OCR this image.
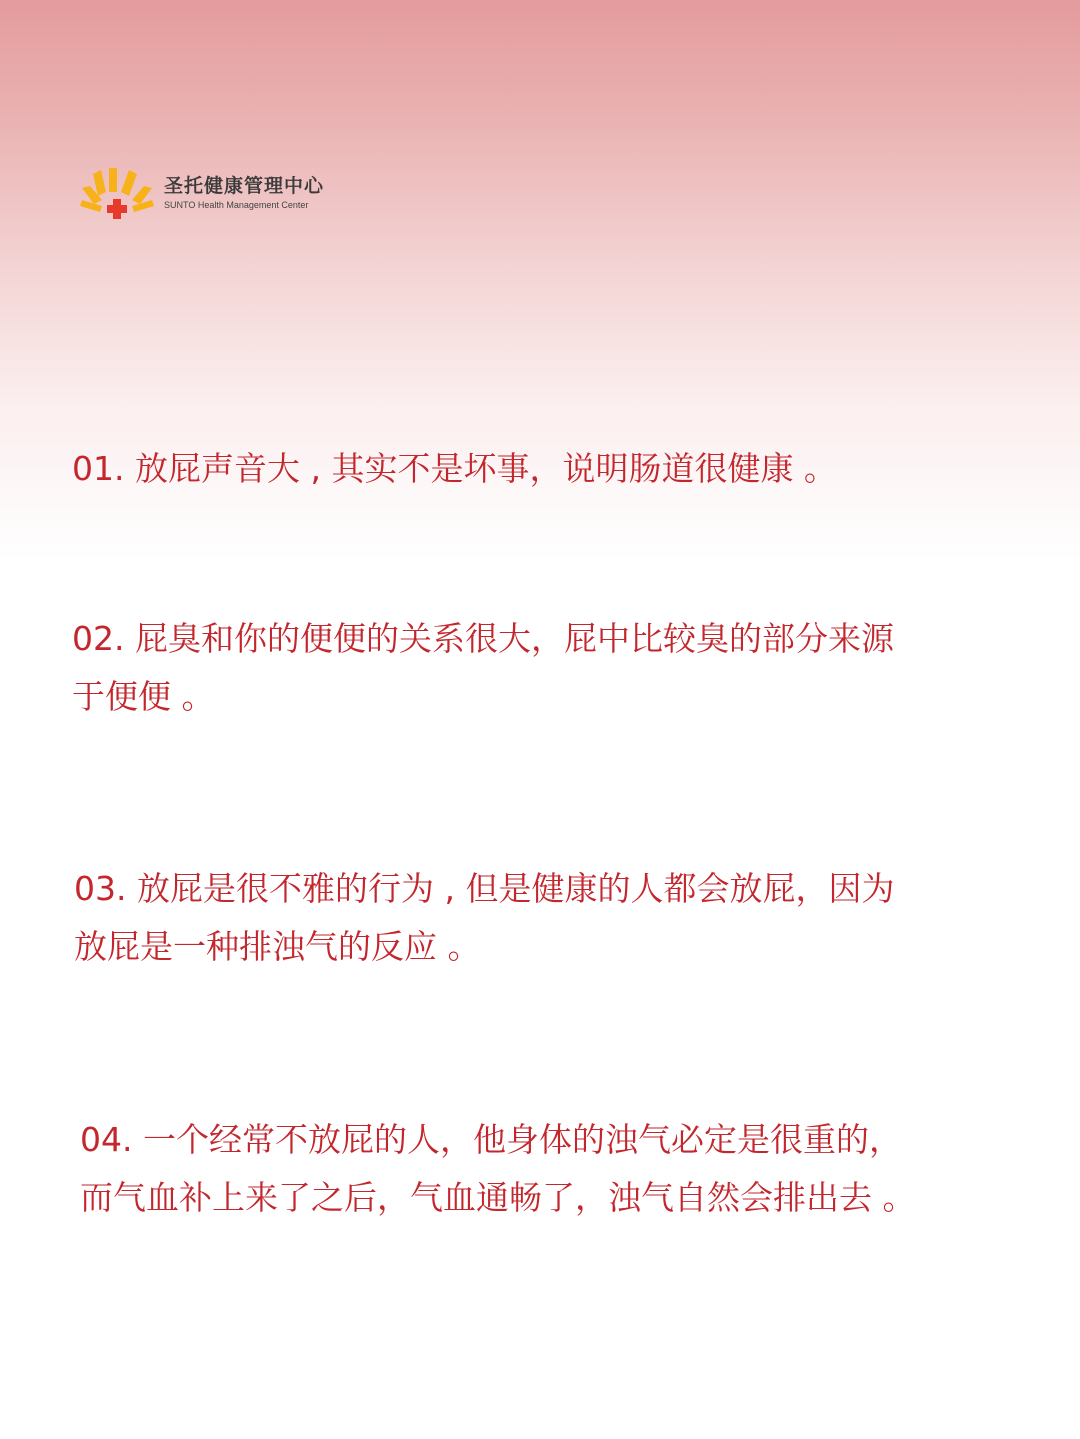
圣托健康管理中心
SUNTO Health Management Center

01. 放屁声音大 , 其实不是坏事，说明肠道很健康 。

02. 屁臭和你的便便的关系很大，屁中比较臭的部分来源
于便便 。

03. 放屁是很不雅的行为 , 但是健康的人都会放屁，因为
放屁是一种排浊气的反应 。

04. 一个经常不放屁的人，他身体的浊气必定是很重的，
而气血补上来了之后，气血通畅了，浊气自然会排出去 。
